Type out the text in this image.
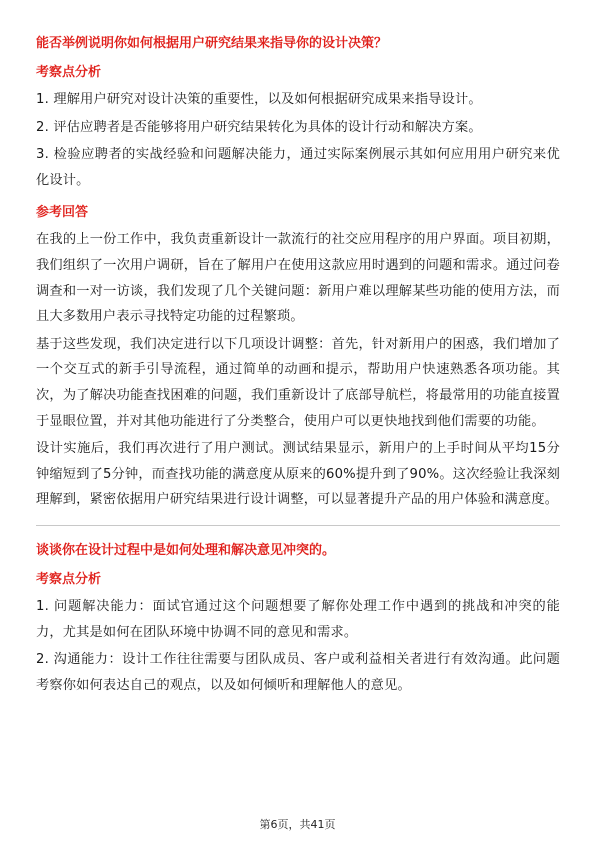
能否举例说明你如何根据用户研究结果来指导你的设计决策？
考察点分析

1. 理解用户研究对设计决策的重要性，以及如何根据研究成果来指导设计。

2. 评估应聘者是否能够将用户研究结果转化为具体的设计行动和解决方案。

3. 检验应聘者的实战经验和问题解决能力，通过实际案例展示其如何应用用户研究来优化设计。

参考回答

在我的上一份工作中，我负责重新设计一款流行的社交应用程序的用户界面。项目初期，我们组织了一次用户调研，旨在了解用户在使用这款应用时遇到的问题和需求。通过问卷调查和一对一访谈，我们发现了几个关键问题：新用户难以理解某些功能的使用方法，而且大多数用户表示寻找特定功能的过程繁琐。

基于这些发现，我们决定进行以下几项设计调整：首先，针对新用户的困惑，我们增加了一个交互式的新手引导流程，通过简单的动画和提示，帮助用户快速熟悉各项功能。其次，为了解决功能查找困难的问题，我们重新设计了底部导航栏，将最常用的功能直接置于显眼位置，并对其他功能进行了分类整合，使用户可以更快地找到他们需要的功能。

设计实施后，我们再次进行了用户测试。测试结果显示，新用户的上手时间从平均15分钟缩短到了5分钟，而查找功能的满意度从原来的60%提升到了90%。这次经验让我深刻理解到，紧密依据用户研究结果进行设计调整，可以显著提升产品的用户体验和满意度。

谈谈你在设计过程中是如何处理和解决意见冲突的。
考察点分析

1. 问题解决能力：面试官通过这个问题想要了解你处理工作中遇到的挑战和冲突的能力，尤其是如何在团队环境中协调不同的意见和需求。

2. 沟通能力：设计工作往往需要与团队成员、客户或利益相关者进行有效沟通。此问题考察你如何表达自己的观点，以及如何倾听和理解他人的意见。

第6页，共41页
